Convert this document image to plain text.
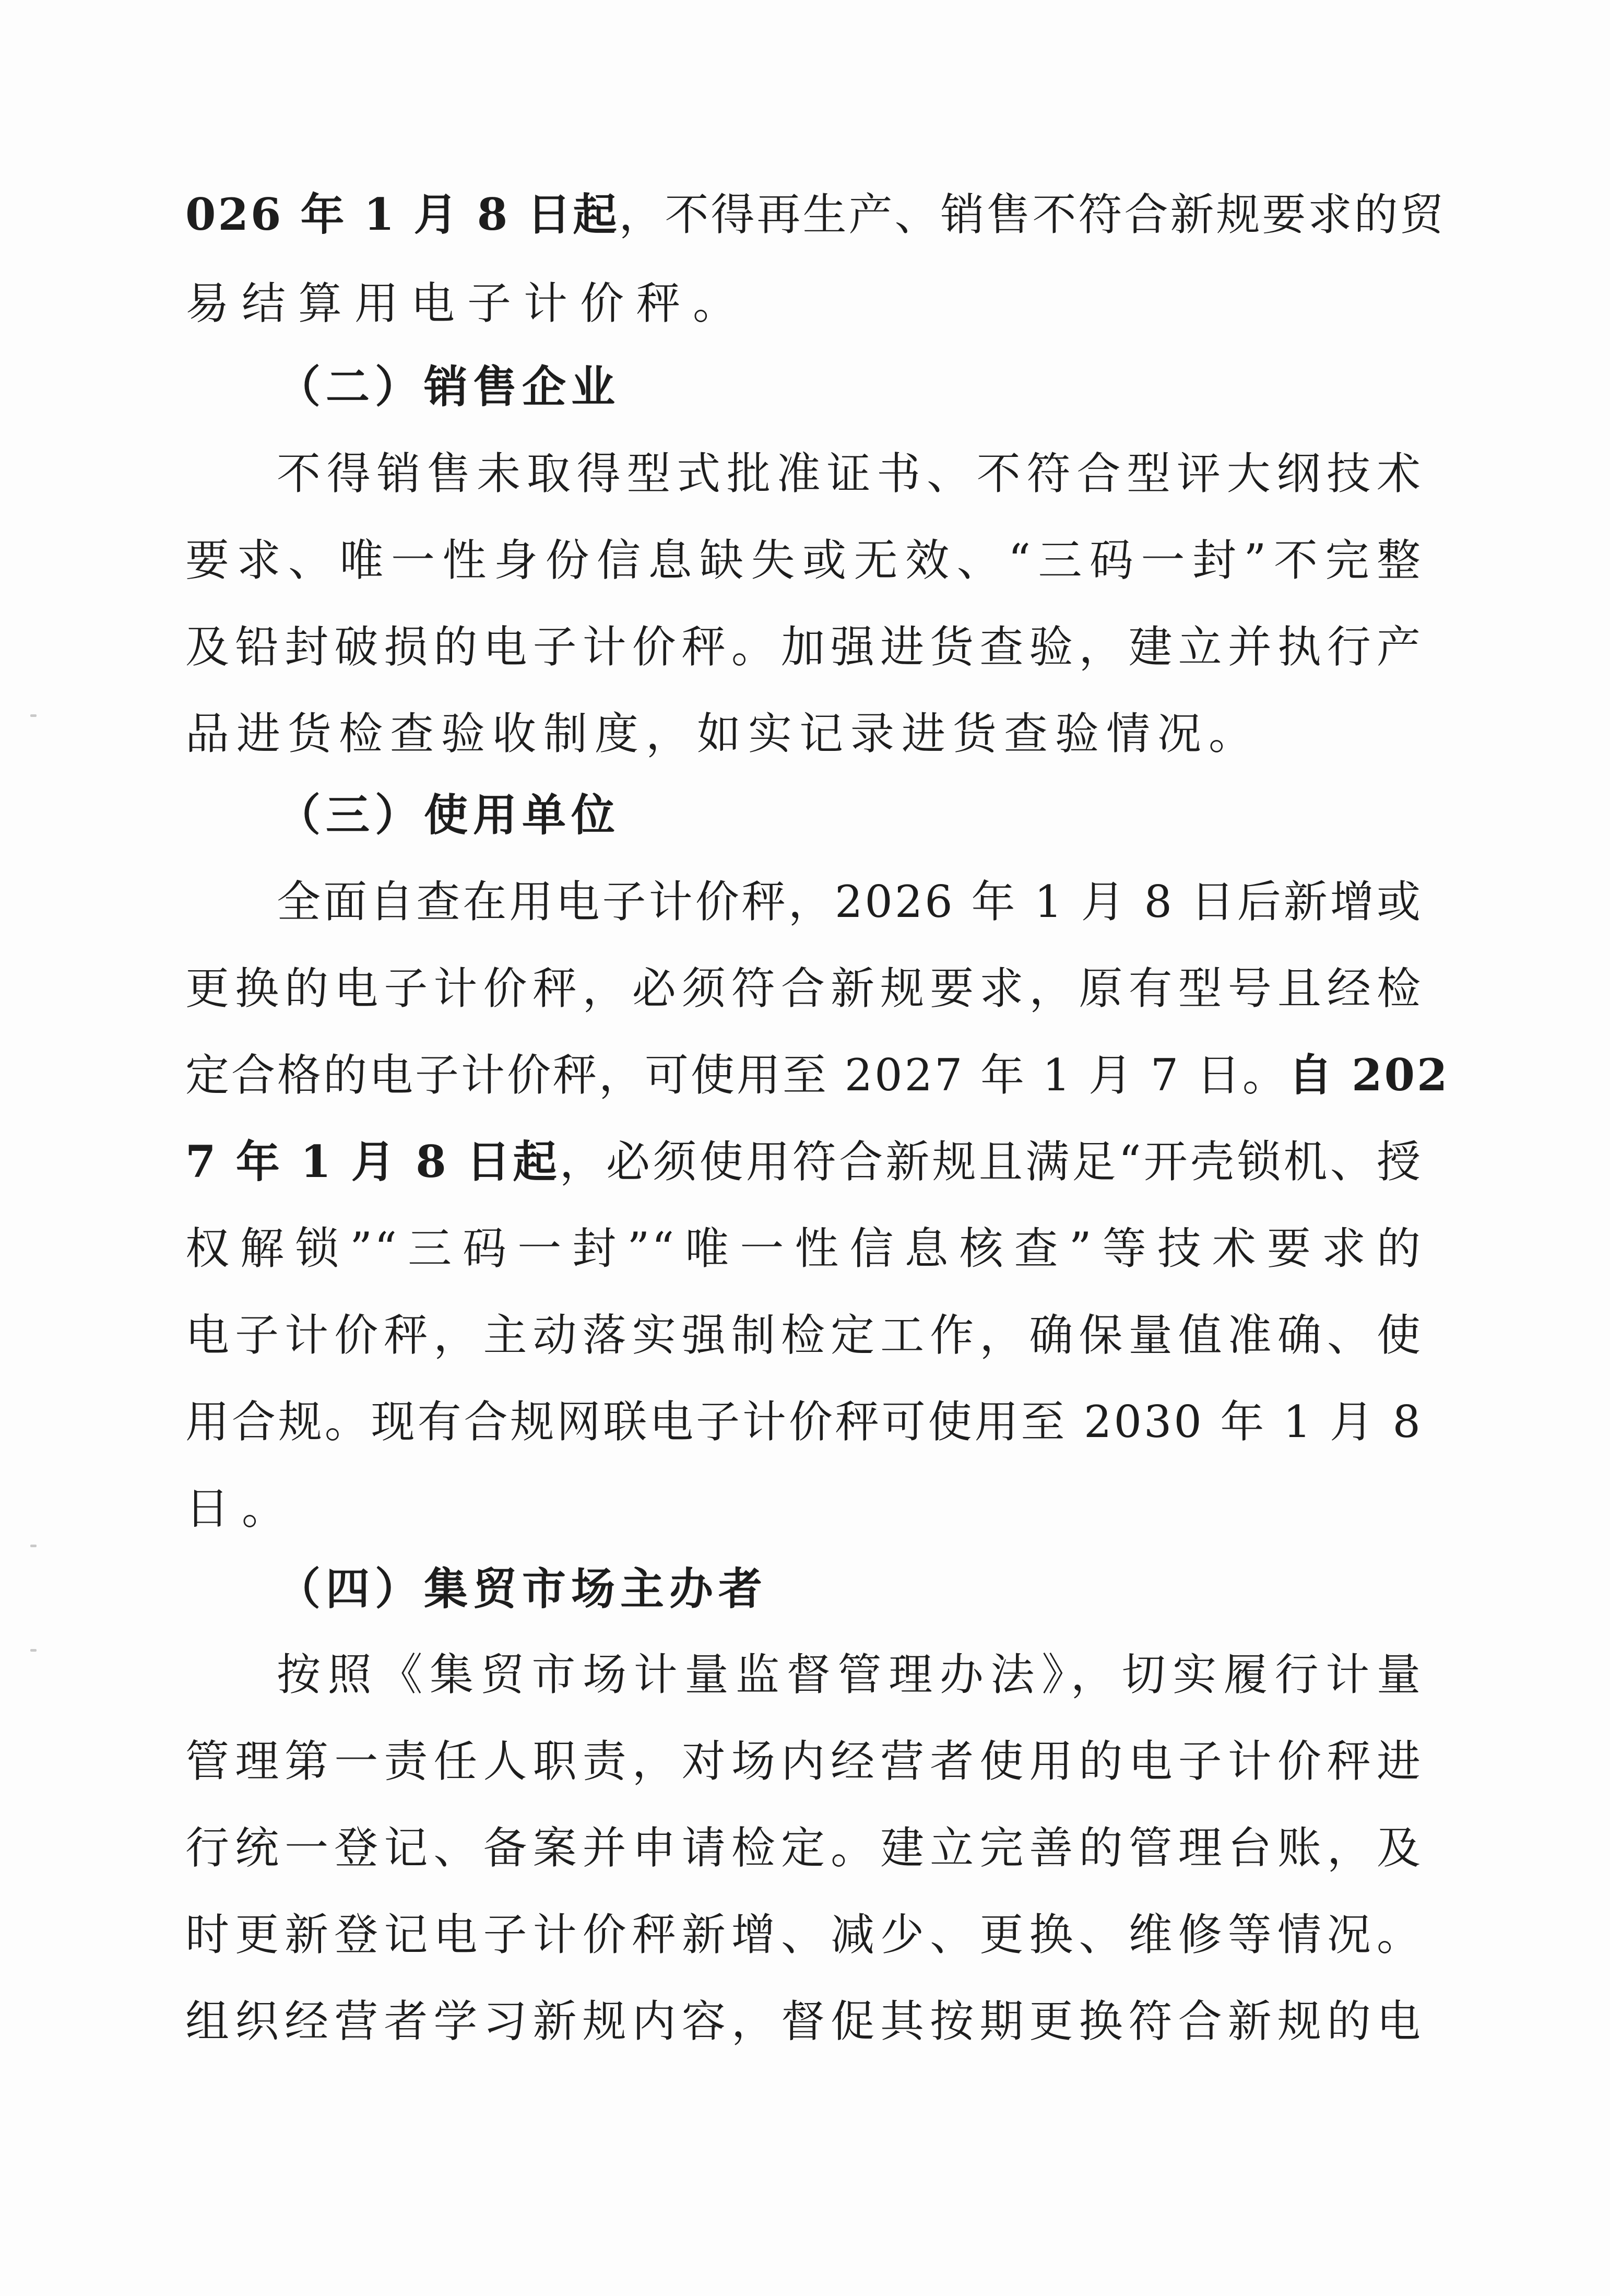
026 年 1 月 8 日起，不得再生产、销售不符合新规要求的贸
易结算用电子计价秤。
（二）销售企业
不得销售未取得型式批准证书、不符合型评大纲技术
要求、唯一性身份信息缺失或无效、“三码一封”不完整
及铅封破损的电子计价秤。加强进货查验，建立并执行产
品进货检查验收制度，如实记录进货查验情况。
（三）使用单位
全面自查在用电子计价秤，2026 年 1 月 8 日后新增或
更换的电子计价秤，必须符合新规要求，原有型号且经检
定合格的电子计价秤，可使用至 2027 年 1 月 7 日。自 202
7 年 1 月 8 日起，必须使用符合新规且满足“开壳锁机、授
权解锁”“三码一封”“唯一性信息核查”等技术要求的
电子计价秤，主动落实强制检定工作，确保量值准确、使
用合规。现有合规网联电子计价秤可使用至 2030 年 1 月 8
日。
（四）集贸市场主办者
按照《集贸市场计量监督管理办法》，切实履行计量
管理第一责任人职责，对场内经营者使用的电子计价秤进
行统一登记、备案并申请检定。建立完善的管理台账，及
时更新登记电子计价秤新增、减少、更换、维修等情况。
组织经营者学习新规内容，督促其按期更换符合新规的电
